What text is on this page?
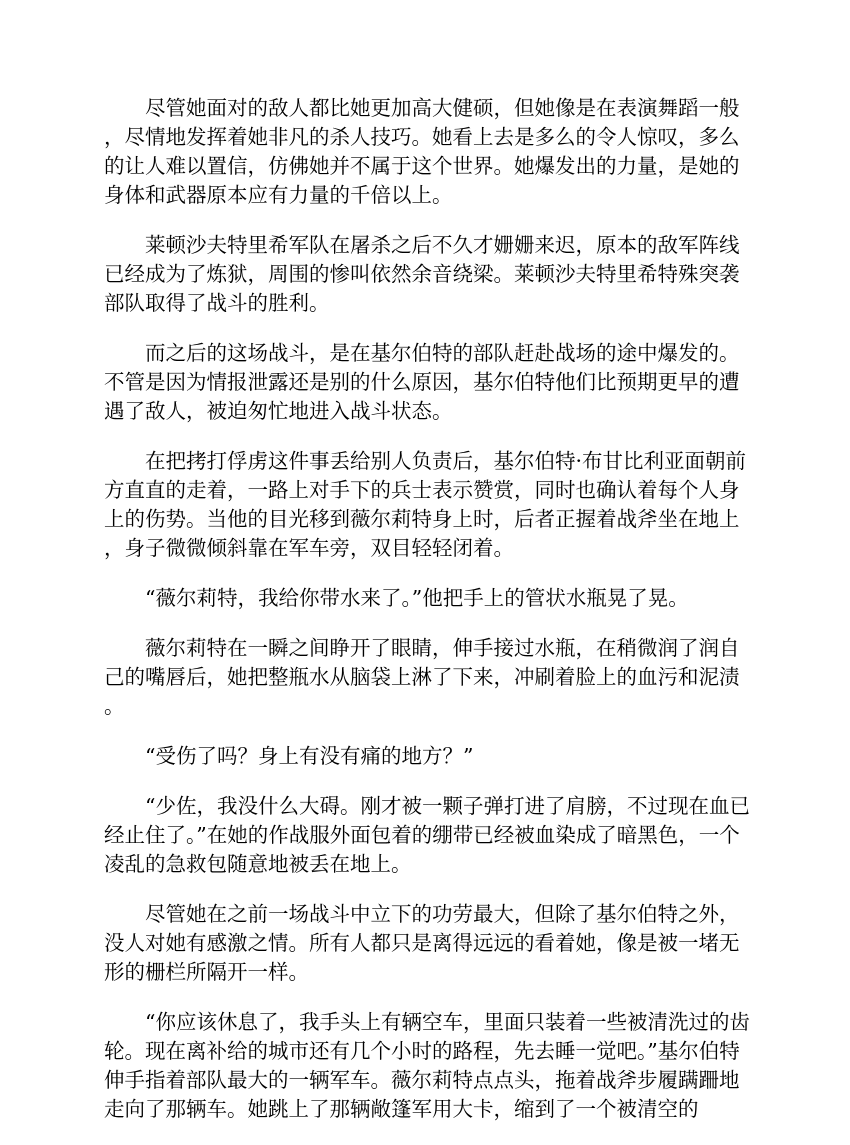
尽管她面对的敌人都比她更加高大健硕，但她像是在表演舞蹈一般，尽情地发挥着她非凡的杀人技巧。她看上去是多么的令人惊叹，多么的让人难以置信，仿佛她并不属于这个世界。她爆发出的力量，是她的身体和武器原本应有力量的千倍以上。

莱顿沙夫特里希军队在屠杀之后不久才姗姗来迟，原本的敌军阵线已经成为了炼狱，周围的惨叫依然余音绕梁。莱顿沙夫特里希特殊突袭部队取得了战斗的胜利。

而之后的这场战斗，是在基尔伯特的部队赶赴战场的途中爆发的。不管是因为情报泄露还是别的什么原因，基尔伯特他们比预期更早的遭遇了敌人，被迫匆忙地进入战斗状态。

在把拷打俘虏这件事丢给别人负责后，基尔伯特·布甘比利亚面朝前方直直的走着，一路上对手下的兵士表示赞赏，同时也确认着每个人身上的伤势。当他的目光移到薇尔莉特身上时，后者正握着战斧坐在地上，身子微微倾斜靠在军车旁，双目轻轻闭着。

“薇尔莉特，我给你带水来了。”他把手上的管状水瓶晃了晃。

薇尔莉特在一瞬之间睁开了眼睛，伸手接过水瓶，在稍微润了润自己的嘴唇后，她把整瓶水从脑袋上淋了下来，冲刷着脸上的血污和泥渍。

“受伤了吗？身上有没有痛的地方？”

“少佐，我没什么大碍。刚才被一颗子弹打进了肩膀，不过现在血已经止住了。”在她的作战服外面包着的绷带已经被血染成了暗黑色，一个凌乱的急救包随意地被丢在地上。

尽管她在之前一场战斗中立下的功劳最大，但除了基尔伯特之外，没人对她有感激之情。所有人都只是离得远远的看着她，像是被一堵无形的栅栏所隔开一样。

“你应该休息了，我手头上有辆空车，里面只装着一些被清洗过的齿轮。现在离补给的城市还有几个小时的路程，先去睡一觉吧。”基尔伯特伸手指着部队最大的一辆军车。薇尔莉特点点头，拖着战斧步履蹒跚地走向了那辆车。她跳上了那辆敞篷军用大卡，缩到了一个被清空的
